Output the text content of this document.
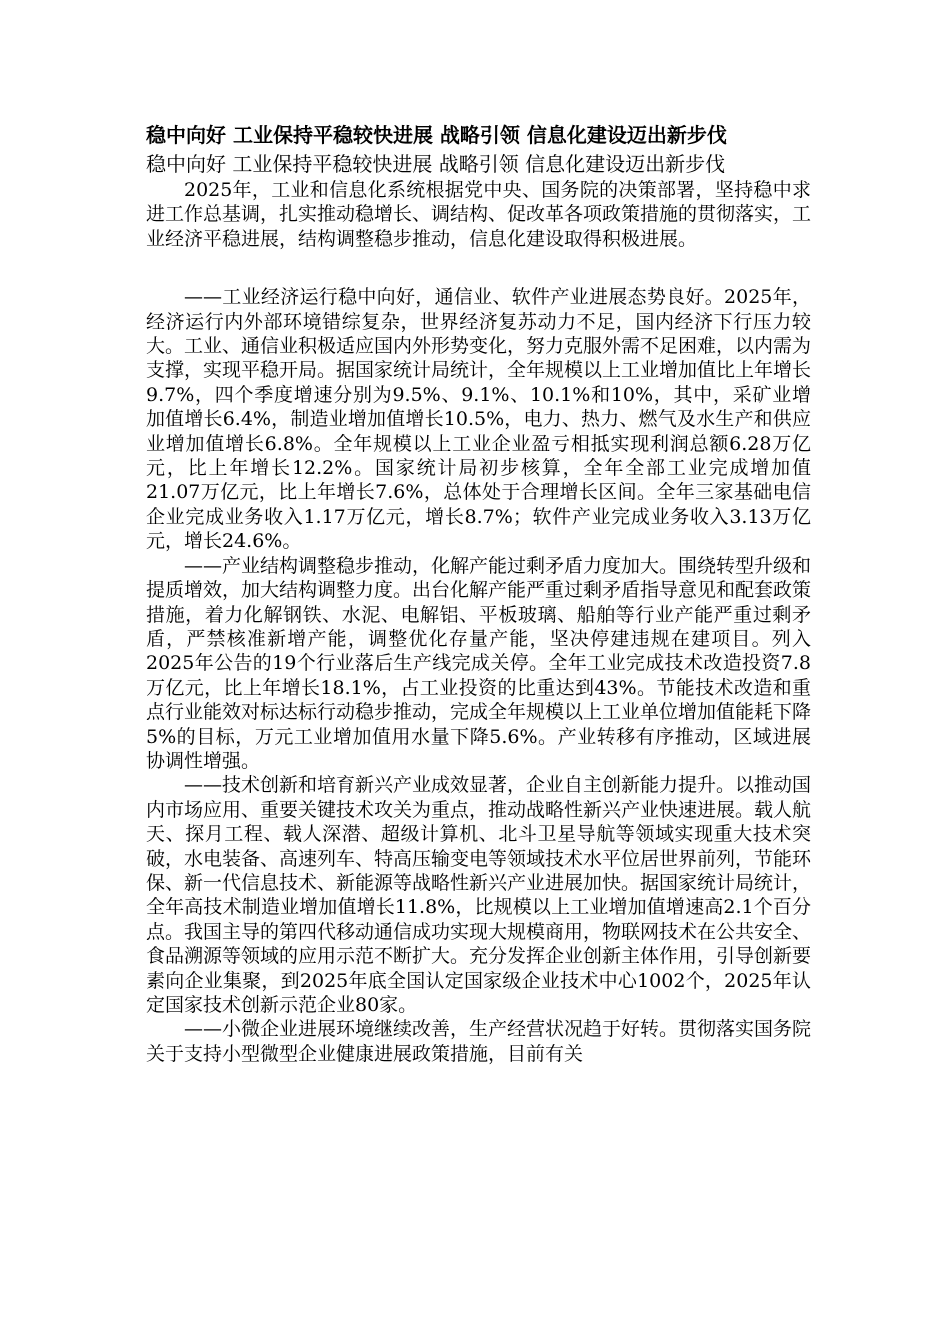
稳中向好 工业保持平稳较快进展 战略引领 信息化建设迈出新步伐

稳中向好 工业保持平稳较快进展 战略引领 信息化建设迈出新步伐

2025年，工业和信息化系统根据党中央、国务院的决策部署，坚持稳中求进工作总基调，扎实推动稳增长、调结构、促改革各项政策措施的贯彻落实，工业经济平稳进展，结构调整稳步推动，信息化建设取得积极进展。

——工业经济运行稳中向好，通信业、软件产业进展态势良好。2025年，经济运行内外部环境错综复杂，世界经济复苏动力不足，国内经济下行压力较大。工业、通信业积极适应国内外形势变化，努力克服外需不足困难，以内需为支撑，实现平稳开局。据国家统计局统计，全年规模以上工业增加值比上年增长9.7%，四个季度增速分别为9.5%、9.1%、10.1%和10%，其中，采矿业增加值增长6.4%，制造业增加值增长10.5%，电力、热力、燃气及水生产和供应业增加值增长6.8%。全年规模以上工业企业盈亏相抵实现利润总额6.28万亿元，比上年增长12.2%。国家统计局初步核算，全年全部工业完成增加值21.07万亿元，比上年增长7.6%，总体处于合理增长区间。全年三家基础电信企业完成业务收入1.17万亿元，增长8.7%；软件产业完成业务收入3.13万亿元，增长24.6%。

——产业结构调整稳步推动，化解产能过剩矛盾力度加大。围绕转型升级和提质增效，加大结构调整力度。出台化解产能严重过剩矛盾指导意见和配套政策措施，着力化解钢铁、水泥、电解铝、平板玻璃、船舶等行业产能严重过剩矛盾，严禁核准新增产能，调整优化存量产能，坚决停建违规在建项目。列入2025年公告的19个行业落后生产线完成关停。全年工业完成技术改造投资7.8万亿元，比上年增长18.1%，占工业投资的比重达到43%。节能技术改造和重点行业能效对标达标行动稳步推动，完成全年规模以上工业单位增加值能耗下降5%的目标，万元工业增加值用水量下降5.6%。产业转移有序推动，区域进展协调性增强。

——技术创新和培育新兴产业成效显著，企业自主创新能力提升。以推动国内市场应用、重要关键技术攻关为重点，推动战略性新兴产业快速进展。载人航天、探月工程、载人深潜、超级计算机、北斗卫星导航等领域实现重大技术突破，水电装备、高速列车、特高压输变电等领域技术水平位居世界前列，节能环保、新一代信息技术、新能源等战略性新兴产业进展加快。据国家统计局统计，全年高技术制造业增加值增长11.8%，比规模以上工业增加值增速高2.1个百分点。我国主导的第四代移动通信成功实现大规模商用，物联网技术在公共安全、食品溯源等领域的应用示范不断扩大。充分发挥企业创新主体作用，引导创新要素向企业集聚，到2025年底全国认定国家级企业技术中心1002个，2025年认定国家技术创新示范企业80家。

——小微企业进展环境继续改善，生产经营状况趋于好转。贯彻落实国务院关于支持小型微型企业健康进展政策措施，目前有关
